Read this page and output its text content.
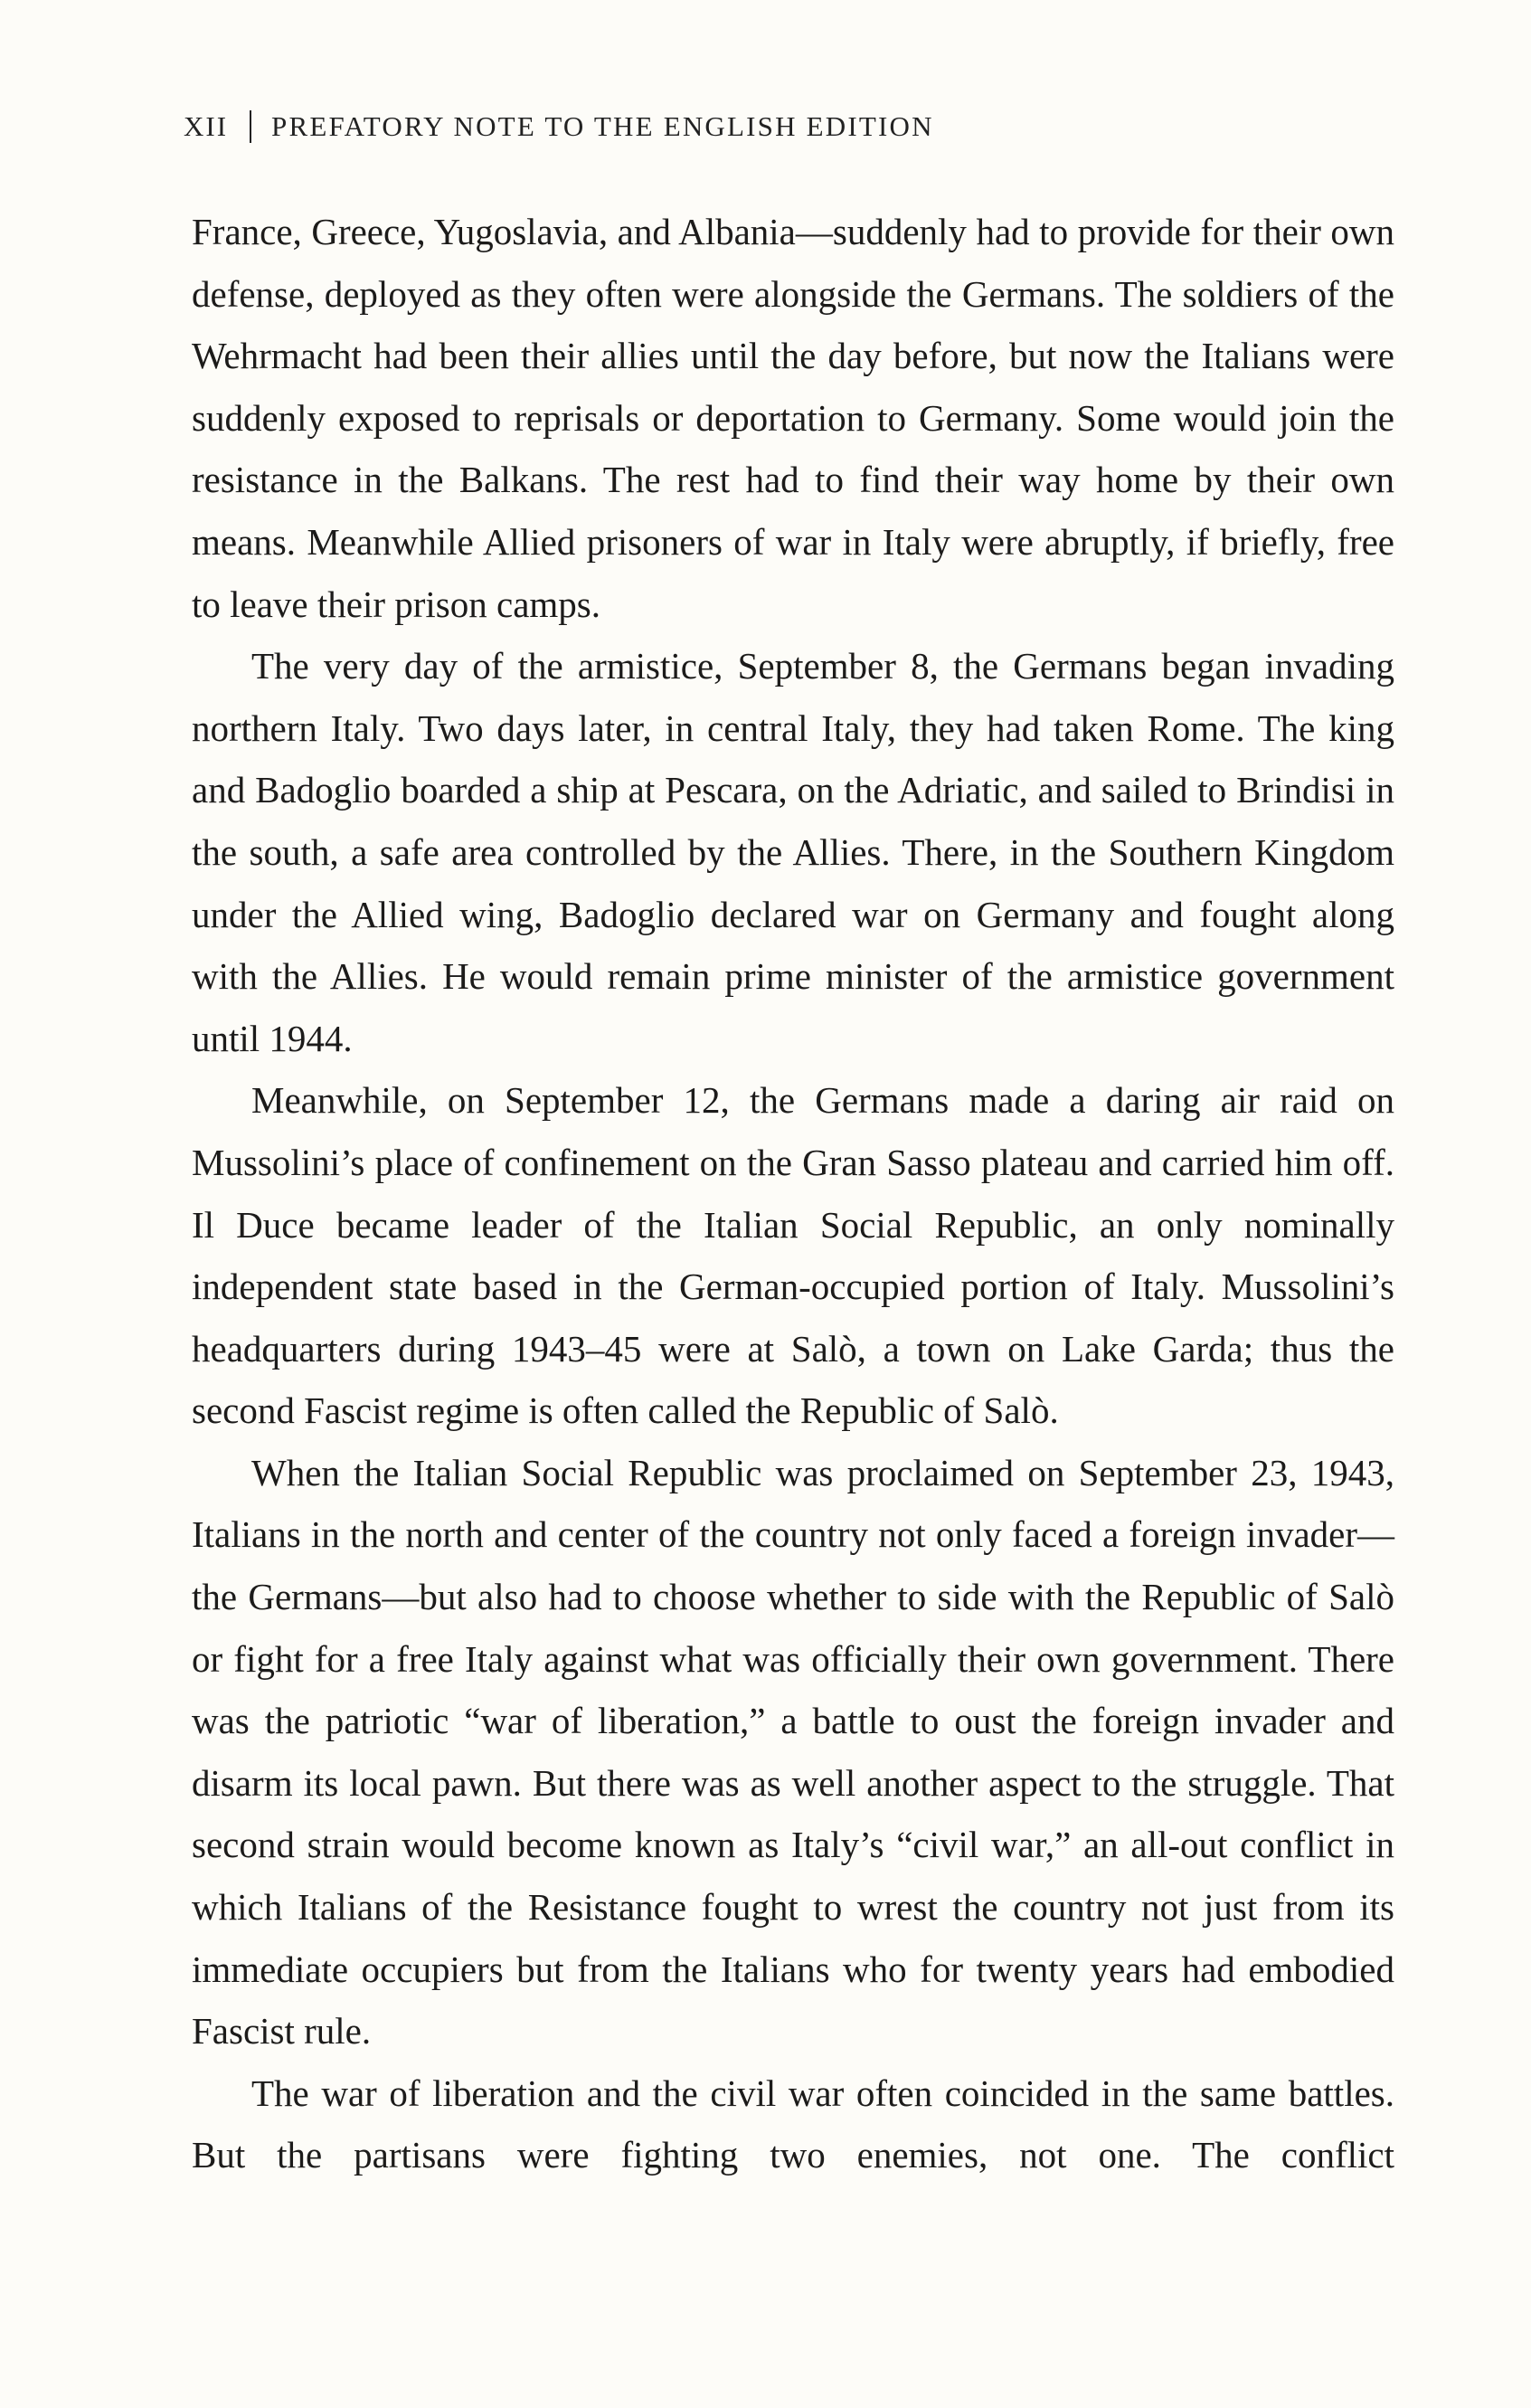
XII PREFATORY NOTE TO THE ENGLISH EDITION

France, Greece, Yugoslavia, and Albania—suddenly had to provide for their own defense, deployed as they often were alongside the Germans. The soldiers of the Wehrmacht had been their allies until the day before, but now the Italians were suddenly exposed to reprisals or deportation to Germany. Some would join the resistance in the Balkans. The rest had to find their way home by their own means. Meanwhile Allied prisoners of war in Italy were abruptly, if briefly, free to leave their prison camps.

The very day of the armistice, September 8, the Germans began invading northern Italy. Two days later, in central Italy, they had taken Rome. The king and Badoglio boarded a ship at Pescara, on the Adriatic, and sailed to Brindisi in the south, a safe area controlled by the Allies. There, in the Southern Kingdom under the Allied wing, Badoglio declared war on Germany and fought along with the Allies. He would remain prime minister of the armistice government until 1944.

Meanwhile, on September 12, the Germans made a daring air raid on Mussolini’s place of confinement on the Gran Sasso plateau and carried him off. Il Duce became leader of the Italian Social Republic, an only nominally independent state based in the German-occupied portion of Italy. Mussolini’s headquarters during 1943–45 were at Salò, a town on Lake Garda; thus the second Fascist regime is often called the Republic of Salò.

When the Italian Social Republic was proclaimed on September 23, 1943, Italians in the north and center of the country not only faced a foreign invader—the Germans—but also had to choose whether to side with the Republic of Salò or fight for a free Italy against what was officially their own government. There was the patriotic “war of liberation,” a battle to oust the foreign invader and disarm its local pawn. But there was as well another aspect to the struggle. That second strain would become known as Italy’s “civil war,” an all-out conflict in which Italians of the Resistance fought to wrest the country not just from its immediate occupiers but from the Italians who for twenty years had embodied Fascist rule.

The war of liberation and the civil war often coincided in the same battles. But the partisans were fighting two enemies, not one. The conflict
